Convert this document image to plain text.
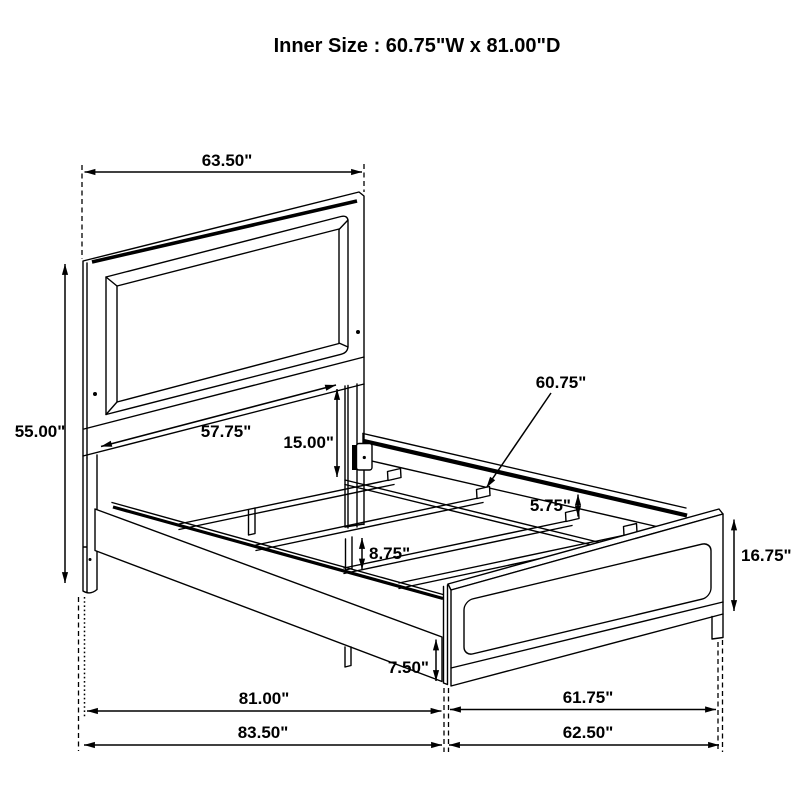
63.50"
55.00"	57.75"
15.00"
60.75"
5.75"
8.75"	16.75"
7.50"
81.00"	61.75"
83.50"	62.50"
Inner Size : 60.75"W x 81.00"D
